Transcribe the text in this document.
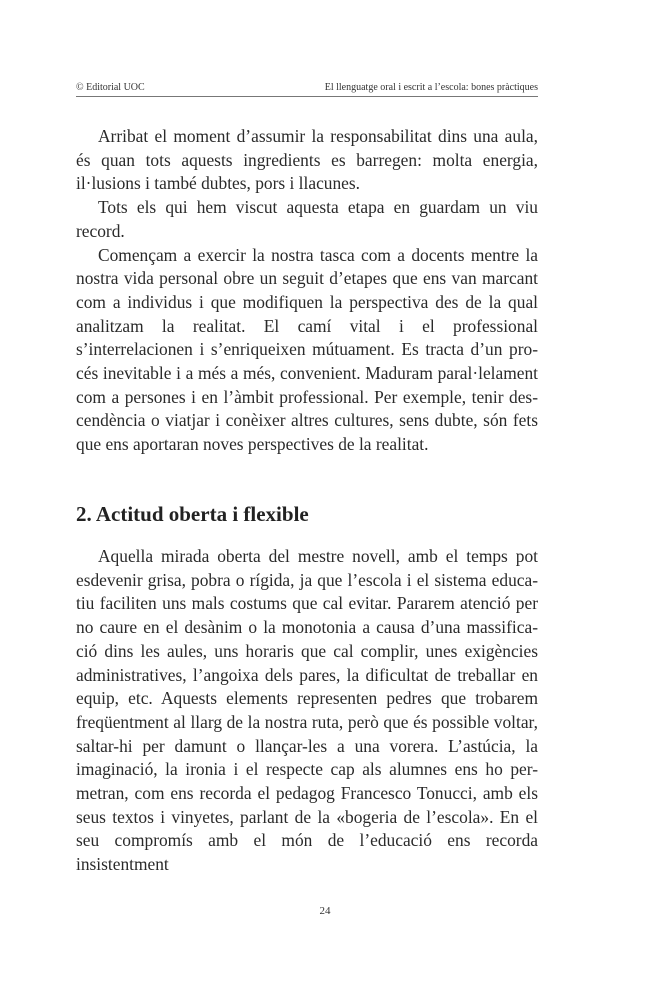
© Editorial UOC	El llenguatge oral i escrit a l’escola: bones pràctiques

Arribat el moment d’assumir la responsabilitat dins una aula, és quan tots aquests ingredients es barregen: molta energia, il·lusions i també dubtes, pors i llacunes.

Tots els qui hem viscut aquesta etapa en guardam un viu record.

Començam a exercir la nostra tasca com a docents mentre la nostra vida personal obre un seguit d’etapes que ens van marcant com a individus i que modifiquen la perspectiva des de la qual analitzam la realitat. El camí vital i el professional s’interrelacionen i s’enriqueixen mútuament. Es tracta d’un pro-cés inevitable i a més a més, convenient. Maduram paral·lelament com a persones i en l’àmbit professional. Per exemple, tenir des-cendència o viatjar i conèixer altres cultures, sens dubte, són fets que ens aportaran noves perspectives de la realitat.

2. Actitud oberta i flexible

Aquella mirada oberta del mestre novell, amb el temps pot esdevenir grisa, pobra o rígida, ja que l’escola i el sistema educa-tiu faciliten uns mals costums que cal evitar. Pararem atenció per no caure en el desànim o la monotonia a causa d’una massifica-ció dins les aules, uns horaris que cal complir, unes exigències administratives, l’angoixa dels pares, la dificultat de treballar en equip, etc. Aquests elements representen pedres que trobarem freqüentment al llarg de la nostra ruta, però que és possible voltar, saltar-hi per damunt o llançar-les a una vorera. L’astúcia, la imaginació, la ironia i el respecte cap als alumnes ens ho per-metran, com ens recorda el pedagog Francesco Tonucci, amb els seus textos i vinyetes, parlant de la «bogeria de l’escola». En el seu compromís amb el món de l’educació ens recorda insistentment

24
